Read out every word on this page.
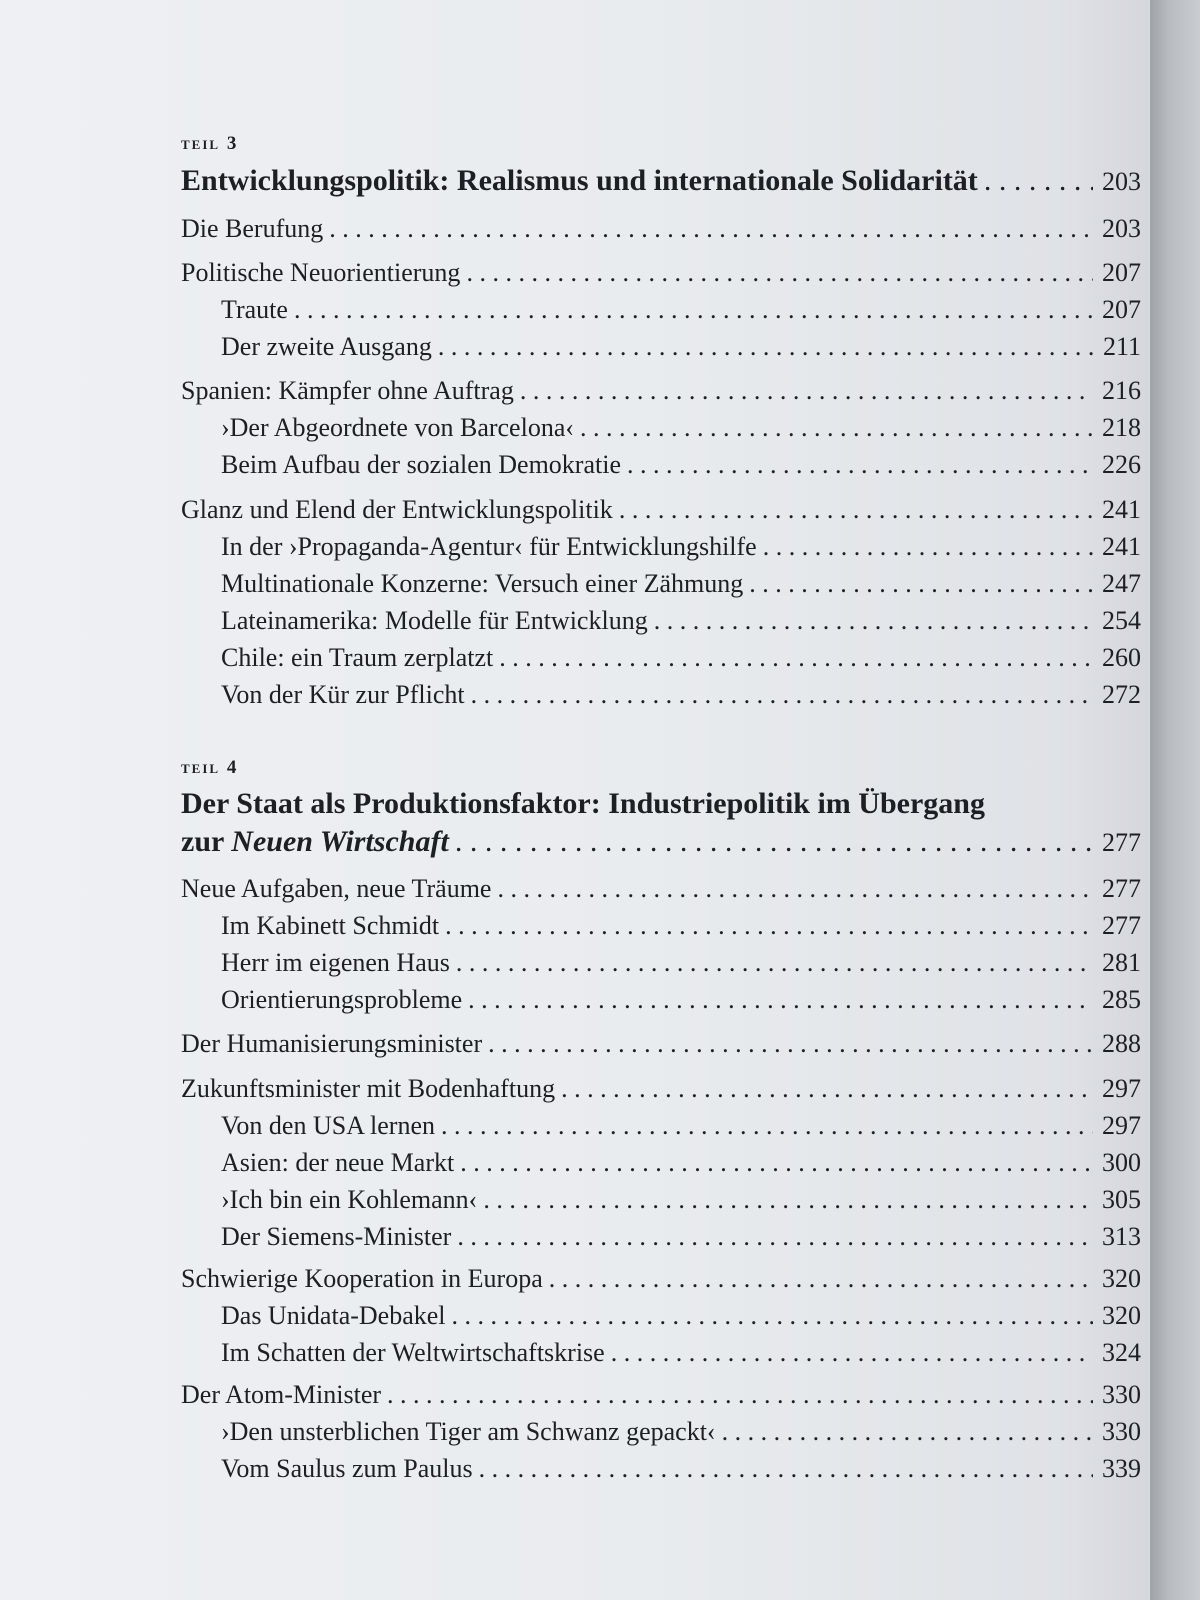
teil 3
Entwicklungspolitik: Realismus und internationale Solidarität . . .	203
Die Berufung . . .	203
Politische Neuorientierung . . .	207
Traute . . .	207
Der zweite Ausgang . . .	211
Spanien: Kämpfer ohne Auftrag . . .	216
›Der Abgeordnete von Barcelona‹ . . .	218
Beim Aufbau der sozialen Demokratie . . .	226
Glanz und Elend der Entwicklungspolitik . . .	241
In der ›Propaganda-Agentur‹ für Entwicklungshilfe . . .	241
Multinationale Konzerne: Versuch einer Zähmung . . .	247
Lateinamerika: Modelle für Entwicklung . . .	254
Chile: ein Traum zerplatzt . . .	260
Von der Kür zur Pflicht . . .	272
teil 4
Der Staat als Produktionsfaktor: Industriepolitik im Übergang
zur Neuen Wirtschaft . . .	277
Neue Aufgaben, neue Träume . . .	277
Im Kabinett Schmidt . . .	277
Herr im eigenen Haus . . .	281
Orientierungsprobleme . . .	285
Der Humanisierungsminister . . .	288
Zukunftsminister mit Bodenhaftung . . .	297
Von den USA lernen . . .	297
Asien: der neue Markt . . .	300
›Ich bin ein Kohlemann‹ . . .	305
Der Siemens-Minister . . .	313
Schwierige Kooperation in Europa . . .	320
Das Unidata-Debakel . . .	320
Im Schatten der Weltwirtschaftskrise . . .	324
Der Atom-Minister . . .	330
›Den unsterblichen Tiger am Schwanz gepackt‹ . . .	330
Vom Saulus zum Paulus . . .	339
